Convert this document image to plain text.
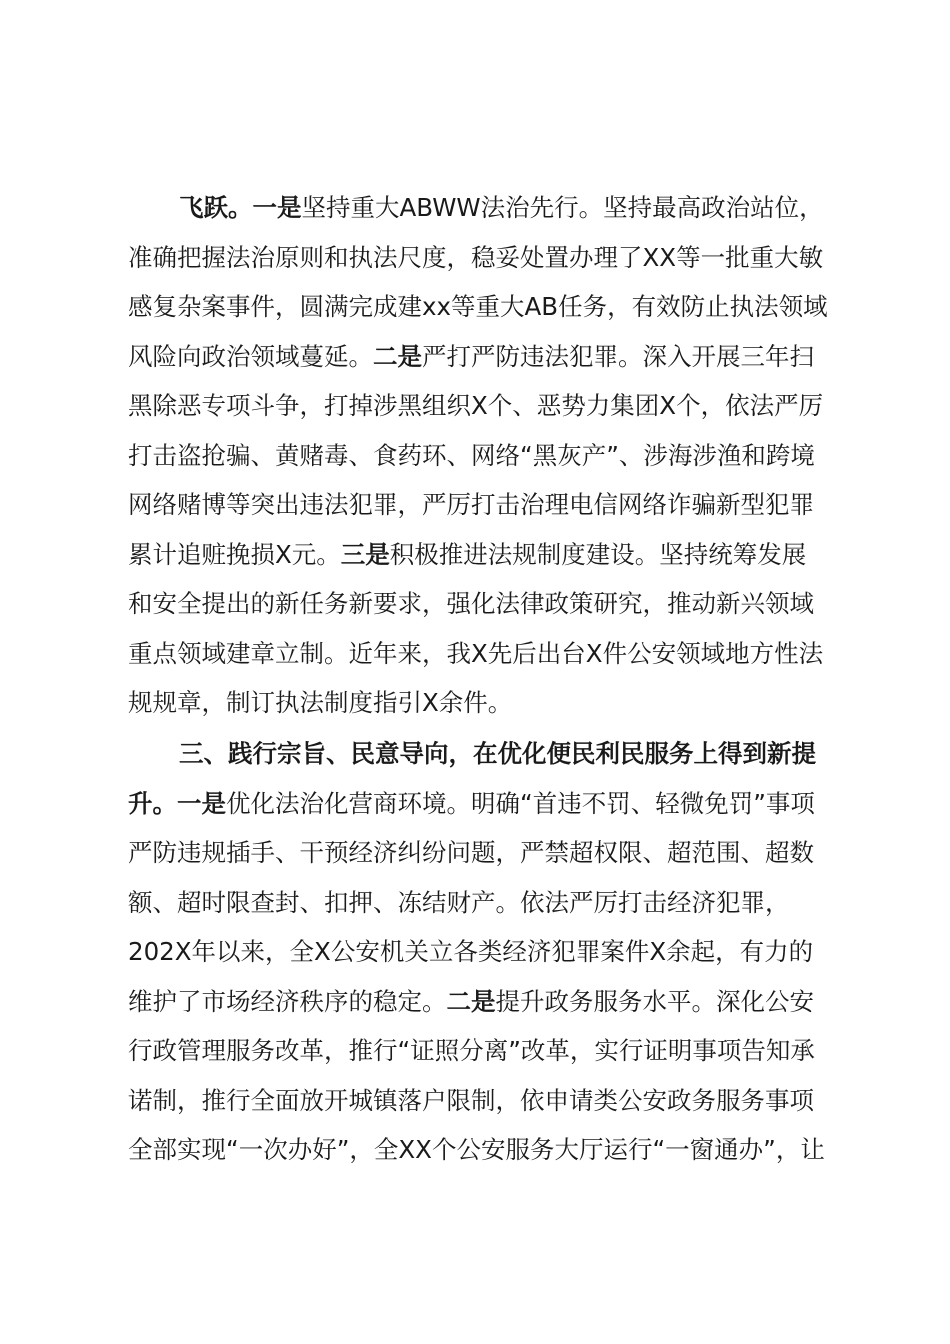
飞跃。一是坚持重大ABWW法治先行。坚持最高政治站位，
准确把握法治原则和执法尺度，稳妥处置办理了XX等一批重大敏
感复杂案事件，圆满完成建xx等重大AB任务，有效防止执法领域
风险向政治领域蔓延。二是严打严防违法犯罪。深入开展三年扫
黑除恶专项斗争，打掉涉黑组织X个、恶势力集团X个，依法严厉
打击盗抢骗、黄赌毒、食药环、网络“黑灰产”、涉海涉渔和跨境
网络赌博等突出违法犯罪，严厉打击治理电信网络诈骗新型犯罪
累计追赃挽损X元。三是积极推进法规制度建设。坚持统筹发展
和安全提出的新任务新要求，强化法律政策研究，推动新兴领域
重点领域建章立制。近年来，我X先后出台X件公安领域地方性法
规规章，制订执法制度指引X余件。
三、践行宗旨、民意导向，在优化便民利民服务上得到新提
升。一是优化法治化营商环境。明确“首违不罚、轻微免罚”事项
严防违规插手、干预经济纠纷问题，严禁超权限、超范围、超数
额、超时限查封、扣押、冻结财产。依法严厉打击经济犯罪，
202X年以来，全X公安机关立各类经济犯罪案件X余起，有力的
维护了市场经济秩序的稳定。二是提升政务服务水平。深化公安
行政管理服务改革，推行“证照分离”改革，实行证明事项告知承
诺制，推行全面放开城镇落户限制，依申请类公安政务服务事项
全部实现“一次办好”，全XX个公安服务大厅运行“一窗通办”，让
